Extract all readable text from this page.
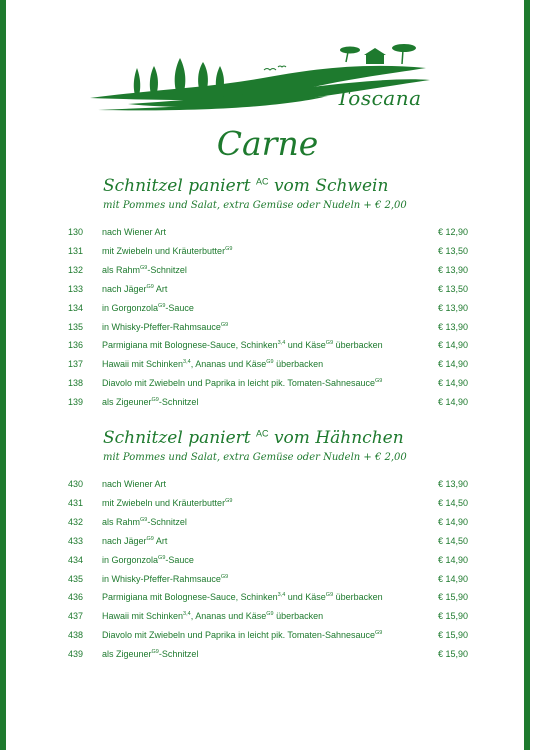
Toscana
Carne
Schnitzel paniert $^{AC}$ vom Schwein
mit Pommes und Salat, extra Gemüse oder Nudeln + € 2,00
130 nach Wiener Art	€ 12,90
131 mit Zwiebeln und Kräuterbutter$^{G9}$	€ 13,50
132 als Rahm$^{G9}$-Schnitzel	€ 13,90
133 nach Jäger$^{G9}$ Art	€ 13,50
134 in Gorgonzola$^{G9}$-Sauce	€ 13,90
135 in Whisky-Pfeffer-Rahmsauce$^{G9}$	€ 13,90
136 Parmigiana mit Bolognese-Sauce, Schinken$^{3,4}$ und Käse$^{G9}$ überbacken	€ 14,90
137 Hawaii mit Schinken$^{3,4}$, Ananas und Käse$^{G9}$ überbacken	€ 14,90
138 Diavolo mit Zwiebeln und Paprika in leicht pik. Tomaten-Sahnesauce$^{G9}$	€ 14,90
139 als Zigeuner$^{G9}$-Schnitzel	€ 14,90
Schnitzel paniert $^{AC}$ vom Hähnchen
mit Pommes und Salat, extra Gemüse oder Nudeln + € 2,00
430 nach Wiener Art	€ 13,90
431 mit Zwiebeln und Kräuterbutter$^{G9}$	€ 14,50
432 als Rahm$^{G9}$-Schnitzel	€ 14,90
433 nach Jäger$^{G9}$ Art	€ 14,50
434 in Gorgonzola$^{G9}$-Sauce	€ 14,90
435 in Whisky-Pfeffer-Rahmsauce$^{G9}$	€ 14,90
436 Parmigiana mit Bolognese-Sauce, Schinken$^{3,4}$ und Käse$^{G9}$ überbacken	€ 15,90
437 Hawaii mit Schinken$^{3,4}$, Ananas und Käse$^{G9}$ überbacken	€ 15,90
438 Diavolo mit Zwiebeln und Paprika in leicht pik. Tomaten-Sahnesauce$^{G9}$	€ 15,90
439 als Zigeuner$^{G9}$-Schnitzel	€ 15,90
